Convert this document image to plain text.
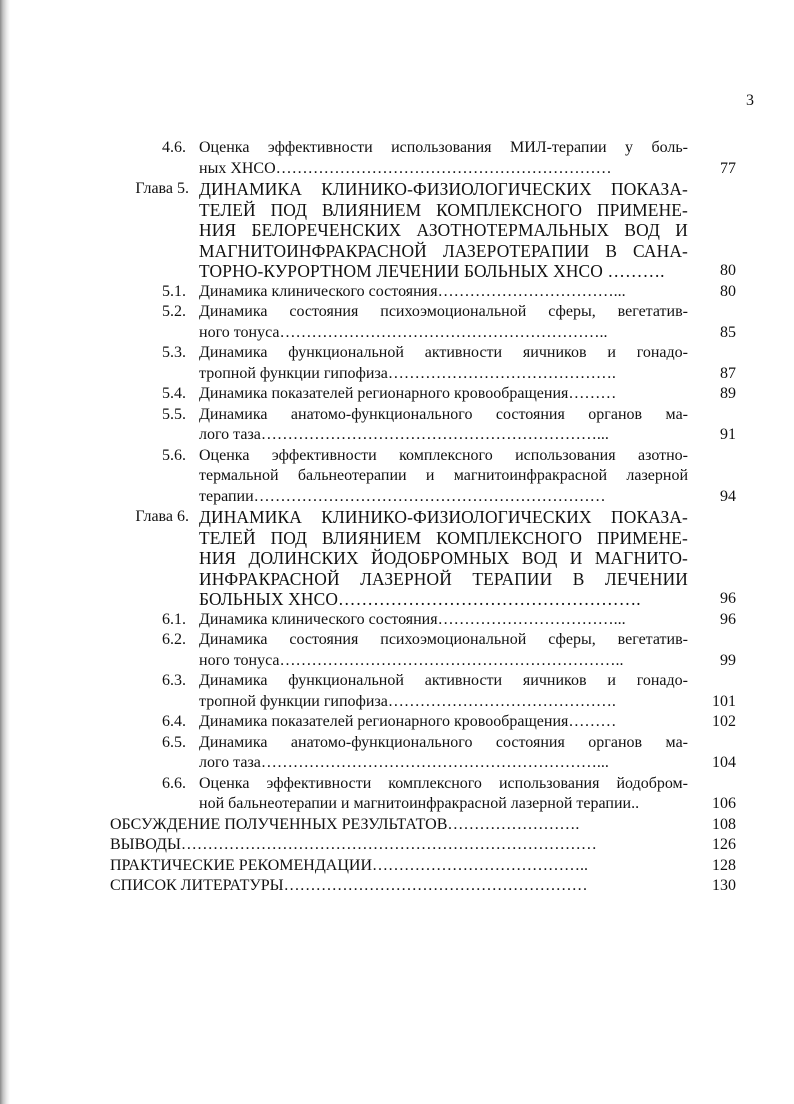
3
4.6. Оценка эффективности использования МИЛ-терапии у боль-
ных ХНСО………………………………………………………	77
Глава 5. ДИНАМИКА КЛИНИКО-ФИЗИОЛОГИЧЕСКИХ ПОКАЗА-
ТЕЛЕЙ ПОД ВЛИЯНИЕМ КОМПЛЕКСНОГО ПРИМЕНЕ-
НИЯ БЕЛОРЕЧЕНСКИХ АЗОТНОТЕРМАЛЬНЫХ ВОД И
МАГНИТОИНФРАКРАСНОЙ ЛАЗЕРОТЕРАПИИ В САНА-
ТОРНО-КУРОРТНОМ ЛЕЧЕНИИ БОЛЬНЫХ ХНСО ……….	80
5.1. Динамика клинического состояния……………………………...	80
5.2. Динамика состояния психоэмоциональной сферы, вегетатив-
ного тонуса……………………………………………………..	85
5.3. Динамика функциональной активности яичников и гонадо-
тропной функции гипофиза…………………………………….	87
5.4. Динамика показателей регионарного кровообращения………	89
5.5. Динамика анатомо-функционального состояния органов ма-
лого таза………………………………………………………...	91
5.6. Оценка эффективности комплексного использования азотно-
термальной бальнеотерапии и магнитоинфракрасной лазерной
терапии…………………………………………………………	94
Глава 6. ДИНАМИКА КЛИНИКО-ФИЗИОЛОГИЧЕСКИХ ПОКАЗА-
ТЕЛЕЙ ПОД ВЛИЯНИЕМ КОМПЛЕКСНОГО ПРИМЕНЕ-
НИЯ ДОЛИНСКИХ ЙОДОБРОМНЫХ ВОД И МАГНИТО-
ИНФРАКРАСНОЙ ЛАЗЕРНОЙ ТЕРАПИИ В ЛЕЧЕНИИ
БОЛЬНЫХ ХНСО…………………………………………….	96
6.1. Динамика клинического состояния……………………………...	96
6.2. Динамика состояния психоэмоциональной сферы, вегетатив-
ного тонуса………………………………………………………..	99
6.3. Динамика функциональной активности яичников и гонадо-
тропной функции гипофиза…………………………………….	101
6.4. Динамика показателей регионарного кровообращения………	102
6.5. Динамика анатомо-функционального состояния органов ма-
лого таза………………………………………………………...	104
6.6. Оценка эффективности комплексного использования йодобром-
ной бальнеотерапии и магнитоинфракрасной лазерной терапии..	106
ОБСУЖДЕНИЕ ПОЛУЧЕННЫХ РЕЗУЛЬТАТОВ…………………….	108
ВЫВОДЫ……………………………………………………………………	126
ПРАКТИЧЕСКИЕ РЕКОМЕНДАЦИИ…………………………………..	128
СПИСОК ЛИТЕРАТУРЫ…………………………………………………	130
